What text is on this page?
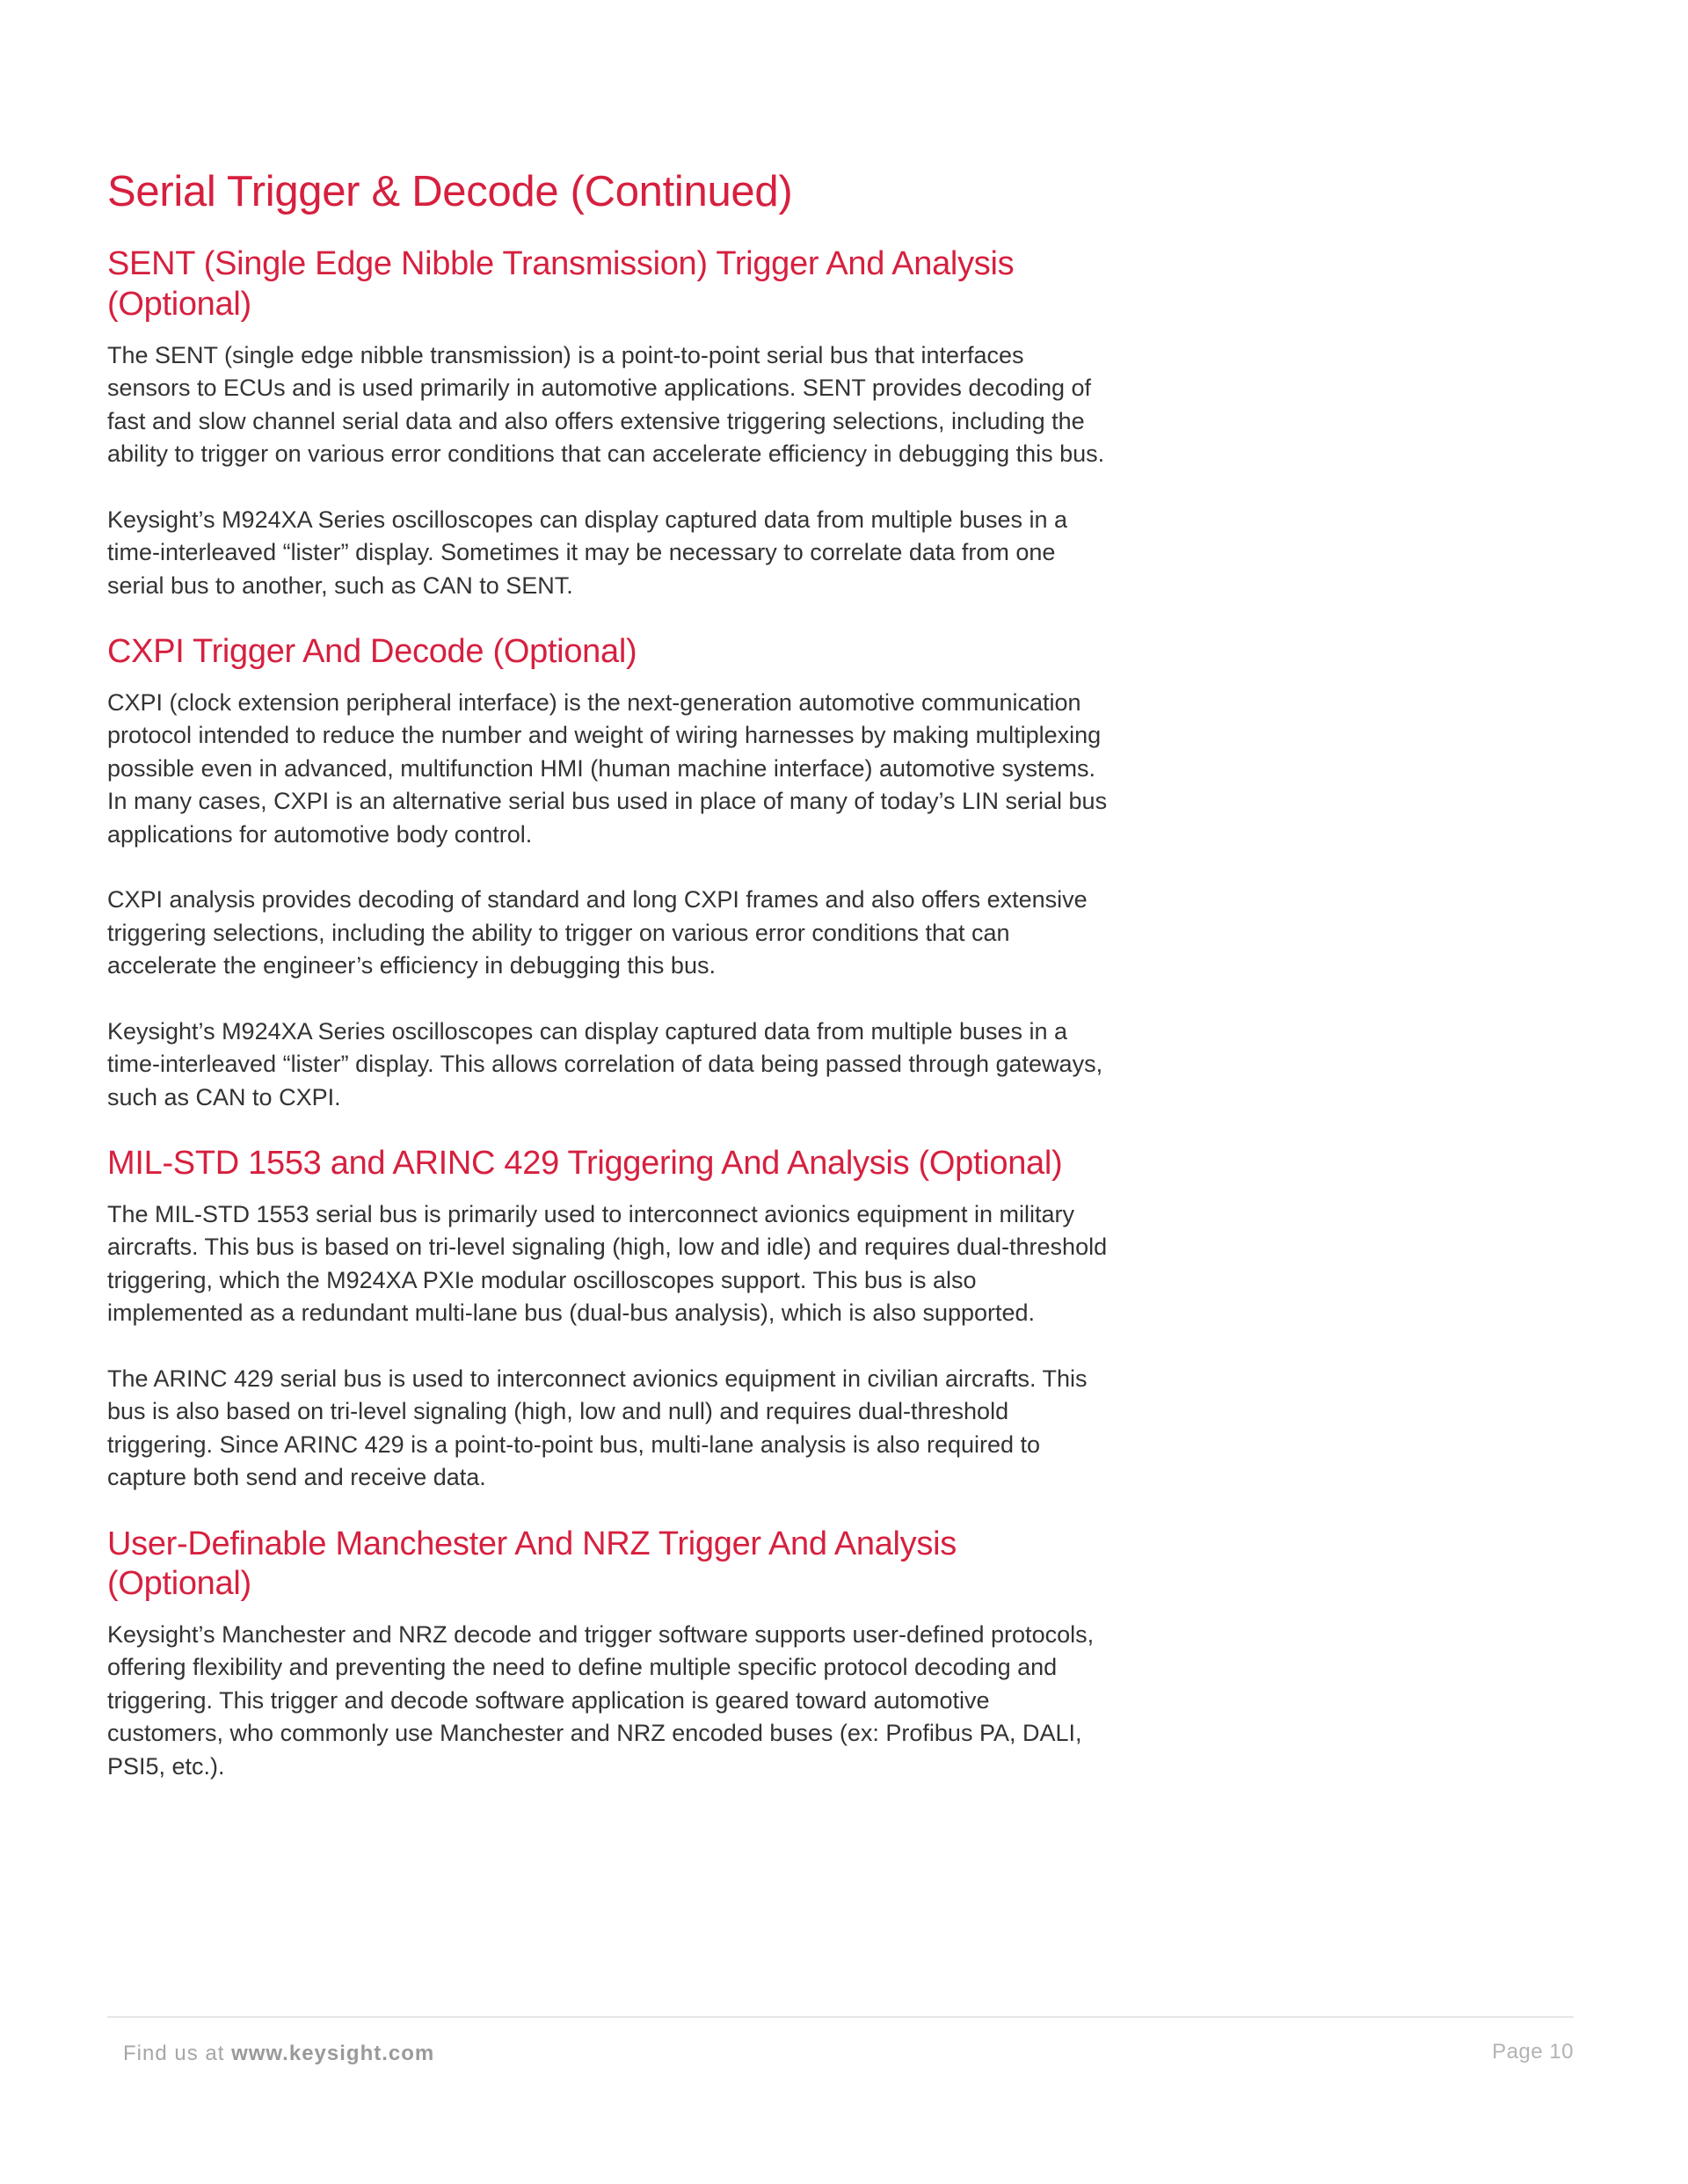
Serial Trigger & Decode (Continued)
SENT (Single Edge Nibble Transmission) Trigger And Analysis (Optional)

The SENT (single edge nibble transmission) is a point-to-point serial bus that interfaces sensors to ECUs and is used primarily in automotive applications. SENT provides decoding of fast and slow channel serial data and also offers extensive triggering selections, including the ability to trigger on various error conditions that can accelerate efficiency in debugging this bus.

Keysight’s M924XA Series oscilloscopes can display captured data from multiple buses in a time-interleaved “lister” display. Sometimes it may be necessary to correlate data from one serial bus to another, such as CAN to SENT.

CXPI Trigger And Decode (Optional)

CXPI (clock extension peripheral interface) is the next-generation automotive communication protocol intended to reduce the number and weight of wiring harnesses by making multiplexing possible even in advanced, multifunction HMI (human machine interface) automotive systems. In many cases, CXPI is an alternative serial bus used in place of many of today’s LIN serial bus applications for automotive body control.

CXPI analysis provides decoding of standard and long CXPI frames and also offers extensive triggering selections, including the ability to trigger on various error conditions that can accelerate the engineer’s efficiency in debugging this bus.

Keysight’s M924XA Series oscilloscopes can display captured data from multiple buses in a time-interleaved “lister” display. This allows correlation of data being passed through gateways, such as CAN to CXPI.

MIL-STD 1553 and ARINC 429 Triggering And Analysis (Optional)

The MIL-STD 1553 serial bus is primarily used to interconnect avionics equipment in military aircrafts. This bus is based on tri-level signaling (high, low and idle) and requires dual-threshold triggering, which the M924XA PXIe modular oscilloscopes support. This bus is also implemented as a redundant multi-lane bus (dual-bus analysis), which is also supported.

The ARINC 429 serial bus is used to interconnect avionics equipment in civilian aircrafts. This bus is also based on tri-level signaling (high, low and null) and requires dual-threshold triggering. Since ARINC 429 is a point-to-point bus, multi-lane analysis is also required to capture both send and receive data.

User-Definable Manchester And NRZ Trigger And Analysis (Optional)

Keysight’s Manchester and NRZ decode and trigger software supports user-defined protocols, offering flexibility and preventing the need to define multiple specific protocol decoding and triggering. This trigger and decode software application is geared toward automotive customers, who commonly use Manchester and NRZ encoded buses (ex: Profibus PA, DALI, PSI5, etc.).

Find us at www.keysight.com	Page 10
